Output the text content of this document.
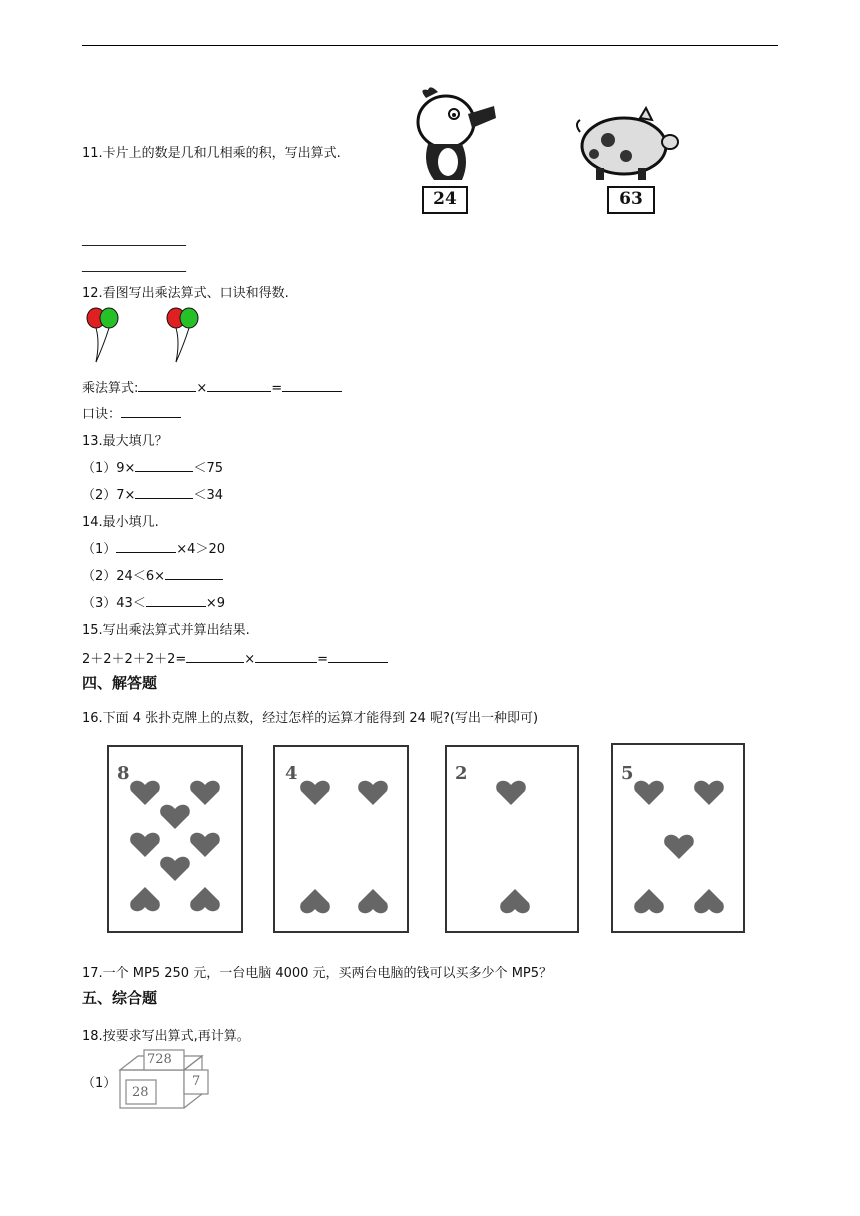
11.卡片上的数是几和几相乘的积，写出算式.
24	63
________________
________________
12.看图写出乘法算式、口诀和得数.
乘法算式:	×	=
口诀：
13.最大填几？
（1）9×	＜75
（2）7×	＜34
14.最小填几.
（1）	×4＞20
（2）24＜6×
（3）43＜	×9
15.写出乘法算式并算出结果.
2＋2＋2＋2＋2=	×	=
四、解答题
16.下面 4 张扑克牌上的点数，经过怎样的运算才能得到 24 呢?(写出一种即可)
8	4	2	5
17.一个 MP5 250 元，一台电脑 4000 元，买两台电脑的钱可以买多少个 MP5？
五、综合题
18.按要求写出算式,再计算。
（1）
728
28
7
